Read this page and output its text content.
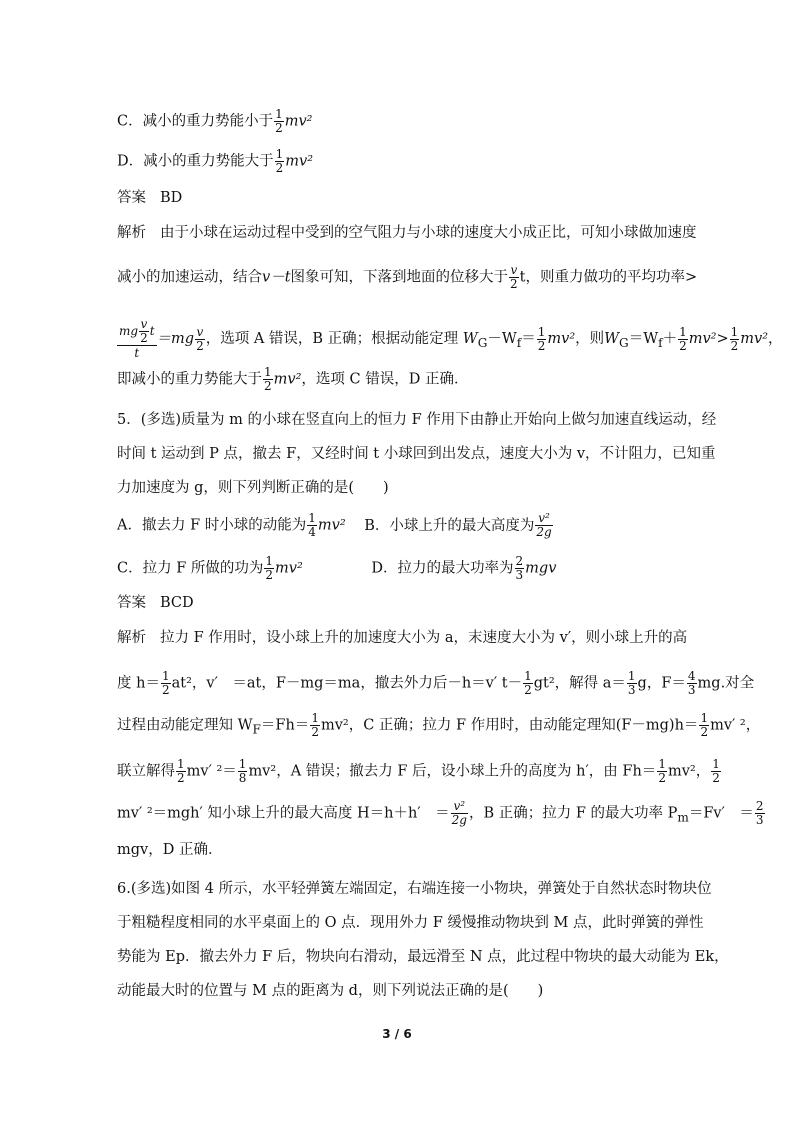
C．减小的重力势能小于 $\frac{1}{2} mv^2$
D．减小的重力势能大于 $\frac{1}{2} mv^2$
答案 BD
解析 由于小球在运动过程中受到的空气阻力与小球的速度大小成正比，可知小球做加速度
减小的加速运动，结合v－t图象可知，下落到地面的位移大于 $\frac{v}{2}$ t，则重力做功的平均功率>
mg $\frac{v}{2}$ t
t
$=mg \frac{v}{2}$ ，选项 A 错误，B 正确；根据动能定理 $W_G-W_f= \frac{1}{2} mv^2$，则$W_G=W_f+ \frac{1}{2} mv^2> \frac{1}{2} mv^2$，
即减小的重力势能大于 $\frac{1}{2} mv^2$，选项 C 错误，D 正确．
5．(多选)质量为 m 的小球在竖直向上的恒力 F 作用下由静止开始向上做匀加速直线运动，经
时间 t 运动到 P 点，撤去 F，又经时间 t 小球回到出发点，速度大小为 v，不计阻力，已知重
力加速度为 g，则下列判断正确的是(　　)
A．撤去力 F 时小球的动能为 $\frac{1}{4} mv^2$ B．小球上升的最大高度为 $\frac{\text{v²}}{2g}$
C．拉力 F 所做的功为 $\frac{1}{2} mv^2$	D．拉力的最大功率为 $\frac{2}{3}$ mgv
答案 BCD
解析 拉力 F 作用时，设小球上升的加速度大小为 a，末速度大小为 v′，则小球上升的高
度 $h= \frac{1}{2} at^2$，v′　＝at，F－mg＝ma，撤去外力后－h＝v′ $t- \frac{1}{2} gt^2$，解得 $a= \frac{1}{3}$ g，$F= \frac{4}{3}$ mg.对全
过程由动能定理知 $W_F=Fh= \frac{1}{2} mv^2$，C 正确；拉力 F 作用时，由动能定理知$(F-mg)h= \frac{1}{2} mv'$ ²，
联立解得 $\frac{1}{2} mv'$ $^2= \frac{1}{8} mv^2$，A 错误；撤去力 F 后，设小球上升的高度为 h′，由 $Fh= \frac{1}{2} mv^2$， $\frac{1}{2}$
mv′ ²＝mgh′ 知小球上升的最大高度 H＝h＋h′　＝ $\frac{\text{v²}}{2g}$ ，B 正确；拉力 F 的最大功率 $P_m=Fv'$　＝ $\frac{2}{3}$
mgv，D 正确．
6.(多选)如图 4 所示，水平轻弹簧左端固定，右端连接一小物块，弹簧处于自然状态时物块位
于粗糙程度相同的水平桌面上的 O 点．现用外力 F 缓慢推动物块到 M 点，此时弹簧的弹性
势能为 Ep．撤去外力 F 后，物块向右滑动，最远滑至 N 点，此过程中物块的最大动能为 Ek，
动能最大时的位置与 M 点的距离为 d，则下列说法正确的是(　　)
3 / 6
